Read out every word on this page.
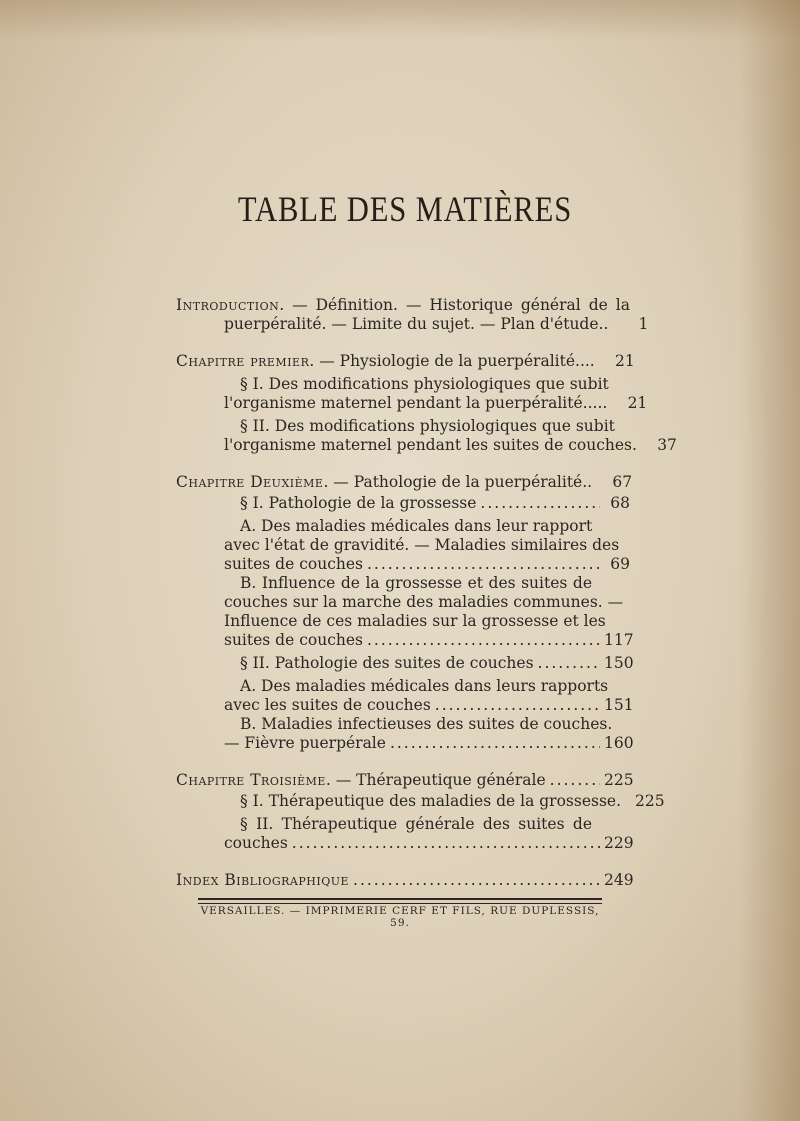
TABLE DES MATIÈRES
Introduction. — Définition. — Historique général de la
puerpéralité. — Limite du sujet. — Plan d'étude..	1
Chapitre premier. — Physiologie de la puerpéralité....	21
§ I. Des modifications physiologiques que subit
l'organisme maternel pendant la puerpéralité.....	21
§ II. Des modifications physiologiques que subit
l'organisme maternel pendant les suites de couches.	37
Chapitre Deuxième. — Pathologie de la puerpéralité..	67
§ I. Pathologie de la grossesse .....	68
A. Des maladies médicales dans leur rapport
avec l'état de gravidité. — Maladies similaires des
suites de couches .....	69
B. Influence de la grossesse et des suites de
couches sur la marche des maladies communes. —
Influence de ces maladies sur la grossesse et les
suites de couches .....	117
§ II. Pathologie des suites de couches .....	150
A. Des maladies médicales dans leurs rapports
avec les suites de couches .....	151
B. Maladies infectieuses des suites de couches.
— Fièvre puerpérale .....	160
Chapitre Troisième. — Thérapeutique générale .....	225
§ I. Thérapeutique des maladies de la grossesse. 225
§ II. Thérapeutique générale des suites de
couches .....	229
Index Bibliographique .....	249
VERSAILLES. — IMPRIMERIE CERF ET FILS, RUE DUPLESSIS, 59.
